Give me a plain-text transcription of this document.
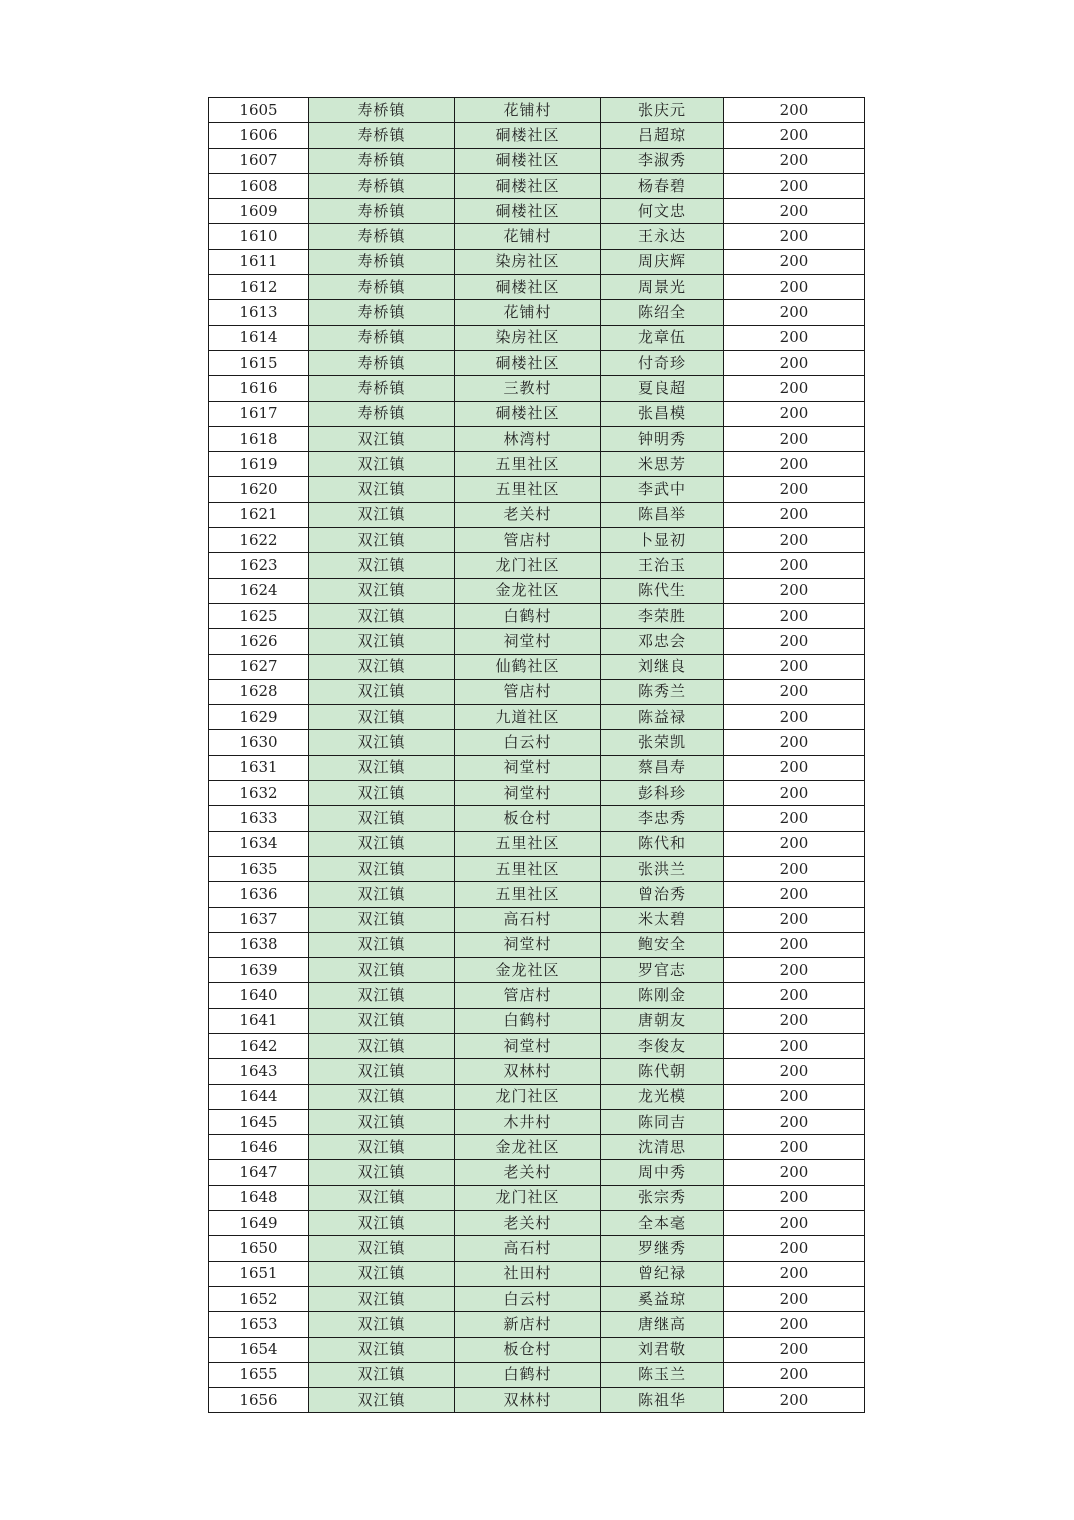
1605	寿桥镇	花铺村	张庆元	200
1606	寿桥镇	硐楼社区	吕超琼	200
1607	寿桥镇	硐楼社区	李淑秀	200
1608	寿桥镇	硐楼社区	杨春碧	200
1609	寿桥镇	硐楼社区	何文忠	200
1610	寿桥镇	花铺村	王永达	200
1611	寿桥镇	染房社区	周庆辉	200
1612	寿桥镇	硐楼社区	周景光	200
1613	寿桥镇	花铺村	陈绍全	200
1614	寿桥镇	染房社区	龙章伍	200
1615	寿桥镇	硐楼社区	付奇珍	200
1616	寿桥镇	三教村	夏良超	200
1617	寿桥镇	硐楼社区	张昌模	200
1618	双江镇	林湾村	钟明秀	200
1619	双江镇	五里社区	米思芳	200
1620	双江镇	五里社区	李武中	200
1621	双江镇	老关村	陈昌举	200
1622	双江镇	管店村	卜显初	200
1623	双江镇	龙门社区	王治玉	200
1624	双江镇	金龙社区	陈代生	200
1625	双江镇	白鹤村	李荣胜	200
1626	双江镇	祠堂村	邓忠会	200
1627	双江镇	仙鹤社区	刘继良	200
1628	双江镇	管店村	陈秀兰	200
1629	双江镇	九道社区	陈益禄	200
1630	双江镇	白云村	张荣凯	200
1631	双江镇	祠堂村	蔡昌寿	200
1632	双江镇	祠堂村	彭科珍	200
1633	双江镇	板仓村	李忠秀	200
1634	双江镇	五里社区	陈代和	200
1635	双江镇	五里社区	张洪兰	200
1636	双江镇	五里社区	曾治秀	200
1637	双江镇	高石村	米太碧	200
1638	双江镇	祠堂村	鲍安全	200
1639	双江镇	金龙社区	罗官志	200
1640	双江镇	管店村	陈刚金	200
1641	双江镇	白鹤村	唐朝友	200
1642	双江镇	祠堂村	李俊友	200
1643	双江镇	双林村	陈代朝	200
1644	双江镇	龙门社区	龙光模	200
1645	双江镇	木井村	陈同吉	200
1646	双江镇	金龙社区	沈清思	200
1647	双江镇	老关村	周中秀	200
1648	双江镇	龙门社区	张宗秀	200
1649	双江镇	老关村	全本毫	200
1650	双江镇	高石村	罗继秀	200
1651	双江镇	社田村	曾纪禄	200
1652	双江镇	白云村	奚益琼	200
1653	双江镇	新店村	唐继高	200
1654	双江镇	板仓村	刘君敬	200
1655	双江镇	白鹤村	陈玉兰	200
1656	双江镇	双林村	陈祖华	200
